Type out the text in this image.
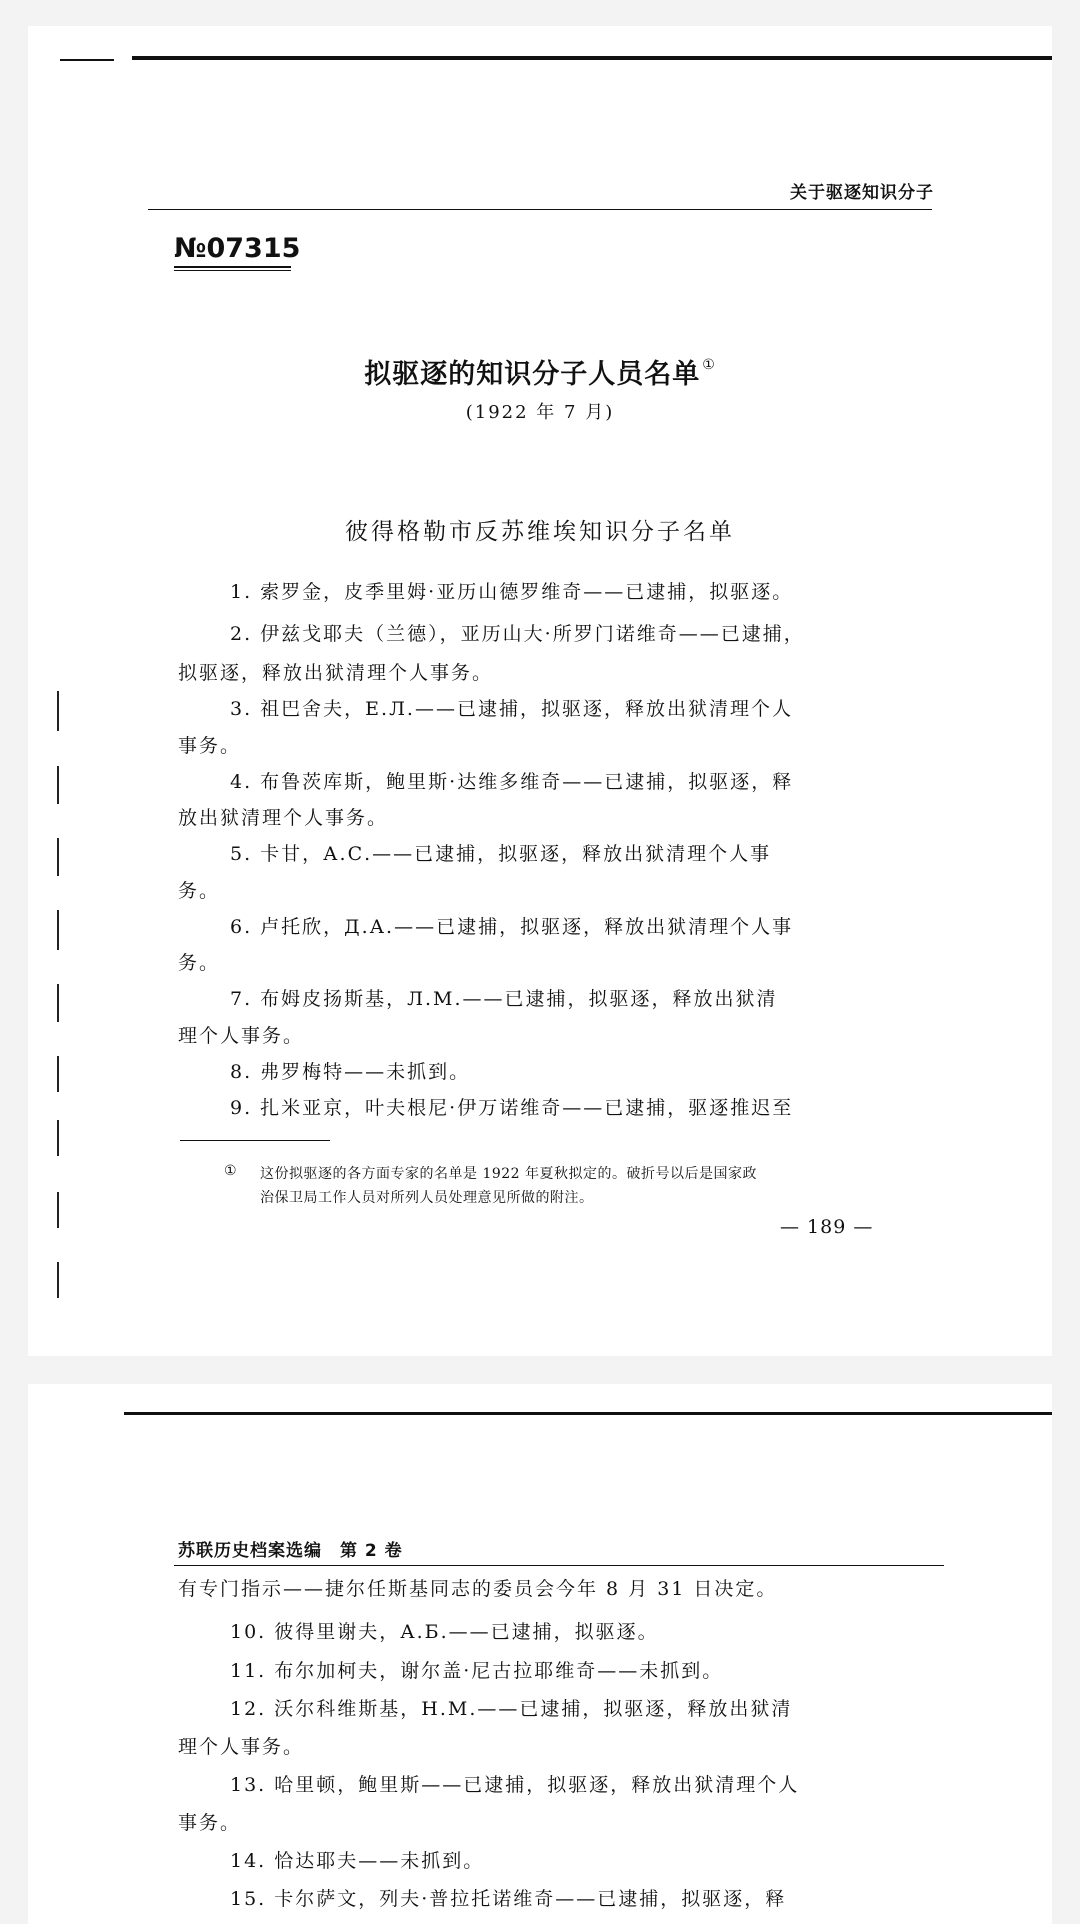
关于驱逐知识分子
№07315
拟驱逐的知识分子人员名单 ①
(1922 年 7 月)
彼得格勒市反苏维埃知识分子名单
1. 索罗金，皮季里姆·亚历山德罗维奇——已逮捕，拟驱逐。
2. 伊兹戈耶夫（兰德），亚历山大·所罗门诺维奇——已逮捕，
拟驱逐，释放出狱清理个人事务。
3. 祖巴舍夫，Е.Л.——已逮捕，拟驱逐，释放出狱清理个人
事务。
4. 布鲁茨库斯，鲍里斯·达维多维奇——已逮捕，拟驱逐，释
放出狱清理个人事务。
5. 卡甘，А.С.——已逮捕，拟驱逐，释放出狱清理个人事
务。
6. 卢托欣，Д.А.——已逮捕，拟驱逐，释放出狱清理个人事
务。
7. 布姆皮扬斯基，Л.М.——已逮捕，拟驱逐，释放出狱清
理个人事务。
8. 弗罗梅特——未抓到。
9. 扎米亚京，叶夫根尼·伊万诺维奇——已逮捕，驱逐推迟至
① 这份拟驱逐的各方面专家的名单是 1922 年夏秋拟定的。破折号以后是国家政
治保卫局工作人员对所列人员处理意见所做的附注。
— 189 —
苏联历史档案选编　第 2 卷
有专门指示——捷尔任斯基同志的委员会今年 8 月 31 日决定。
10. 彼得里谢夫，А.Б.——已逮捕，拟驱逐。
11. 布尔加柯夫，谢尔盖·尼古拉耶维奇——未抓到。
12. 沃尔科维斯基，Н.М.——已逮捕，拟驱逐，释放出狱清
理个人事务。
13. 哈里顿，鲍里斯——已逮捕，拟驱逐，释放出狱清理个人
事务。
14. 恰达耶夫——未抓到。
15. 卡尔萨文，列夫·普拉托诺维奇——已逮捕，拟驱逐，释
